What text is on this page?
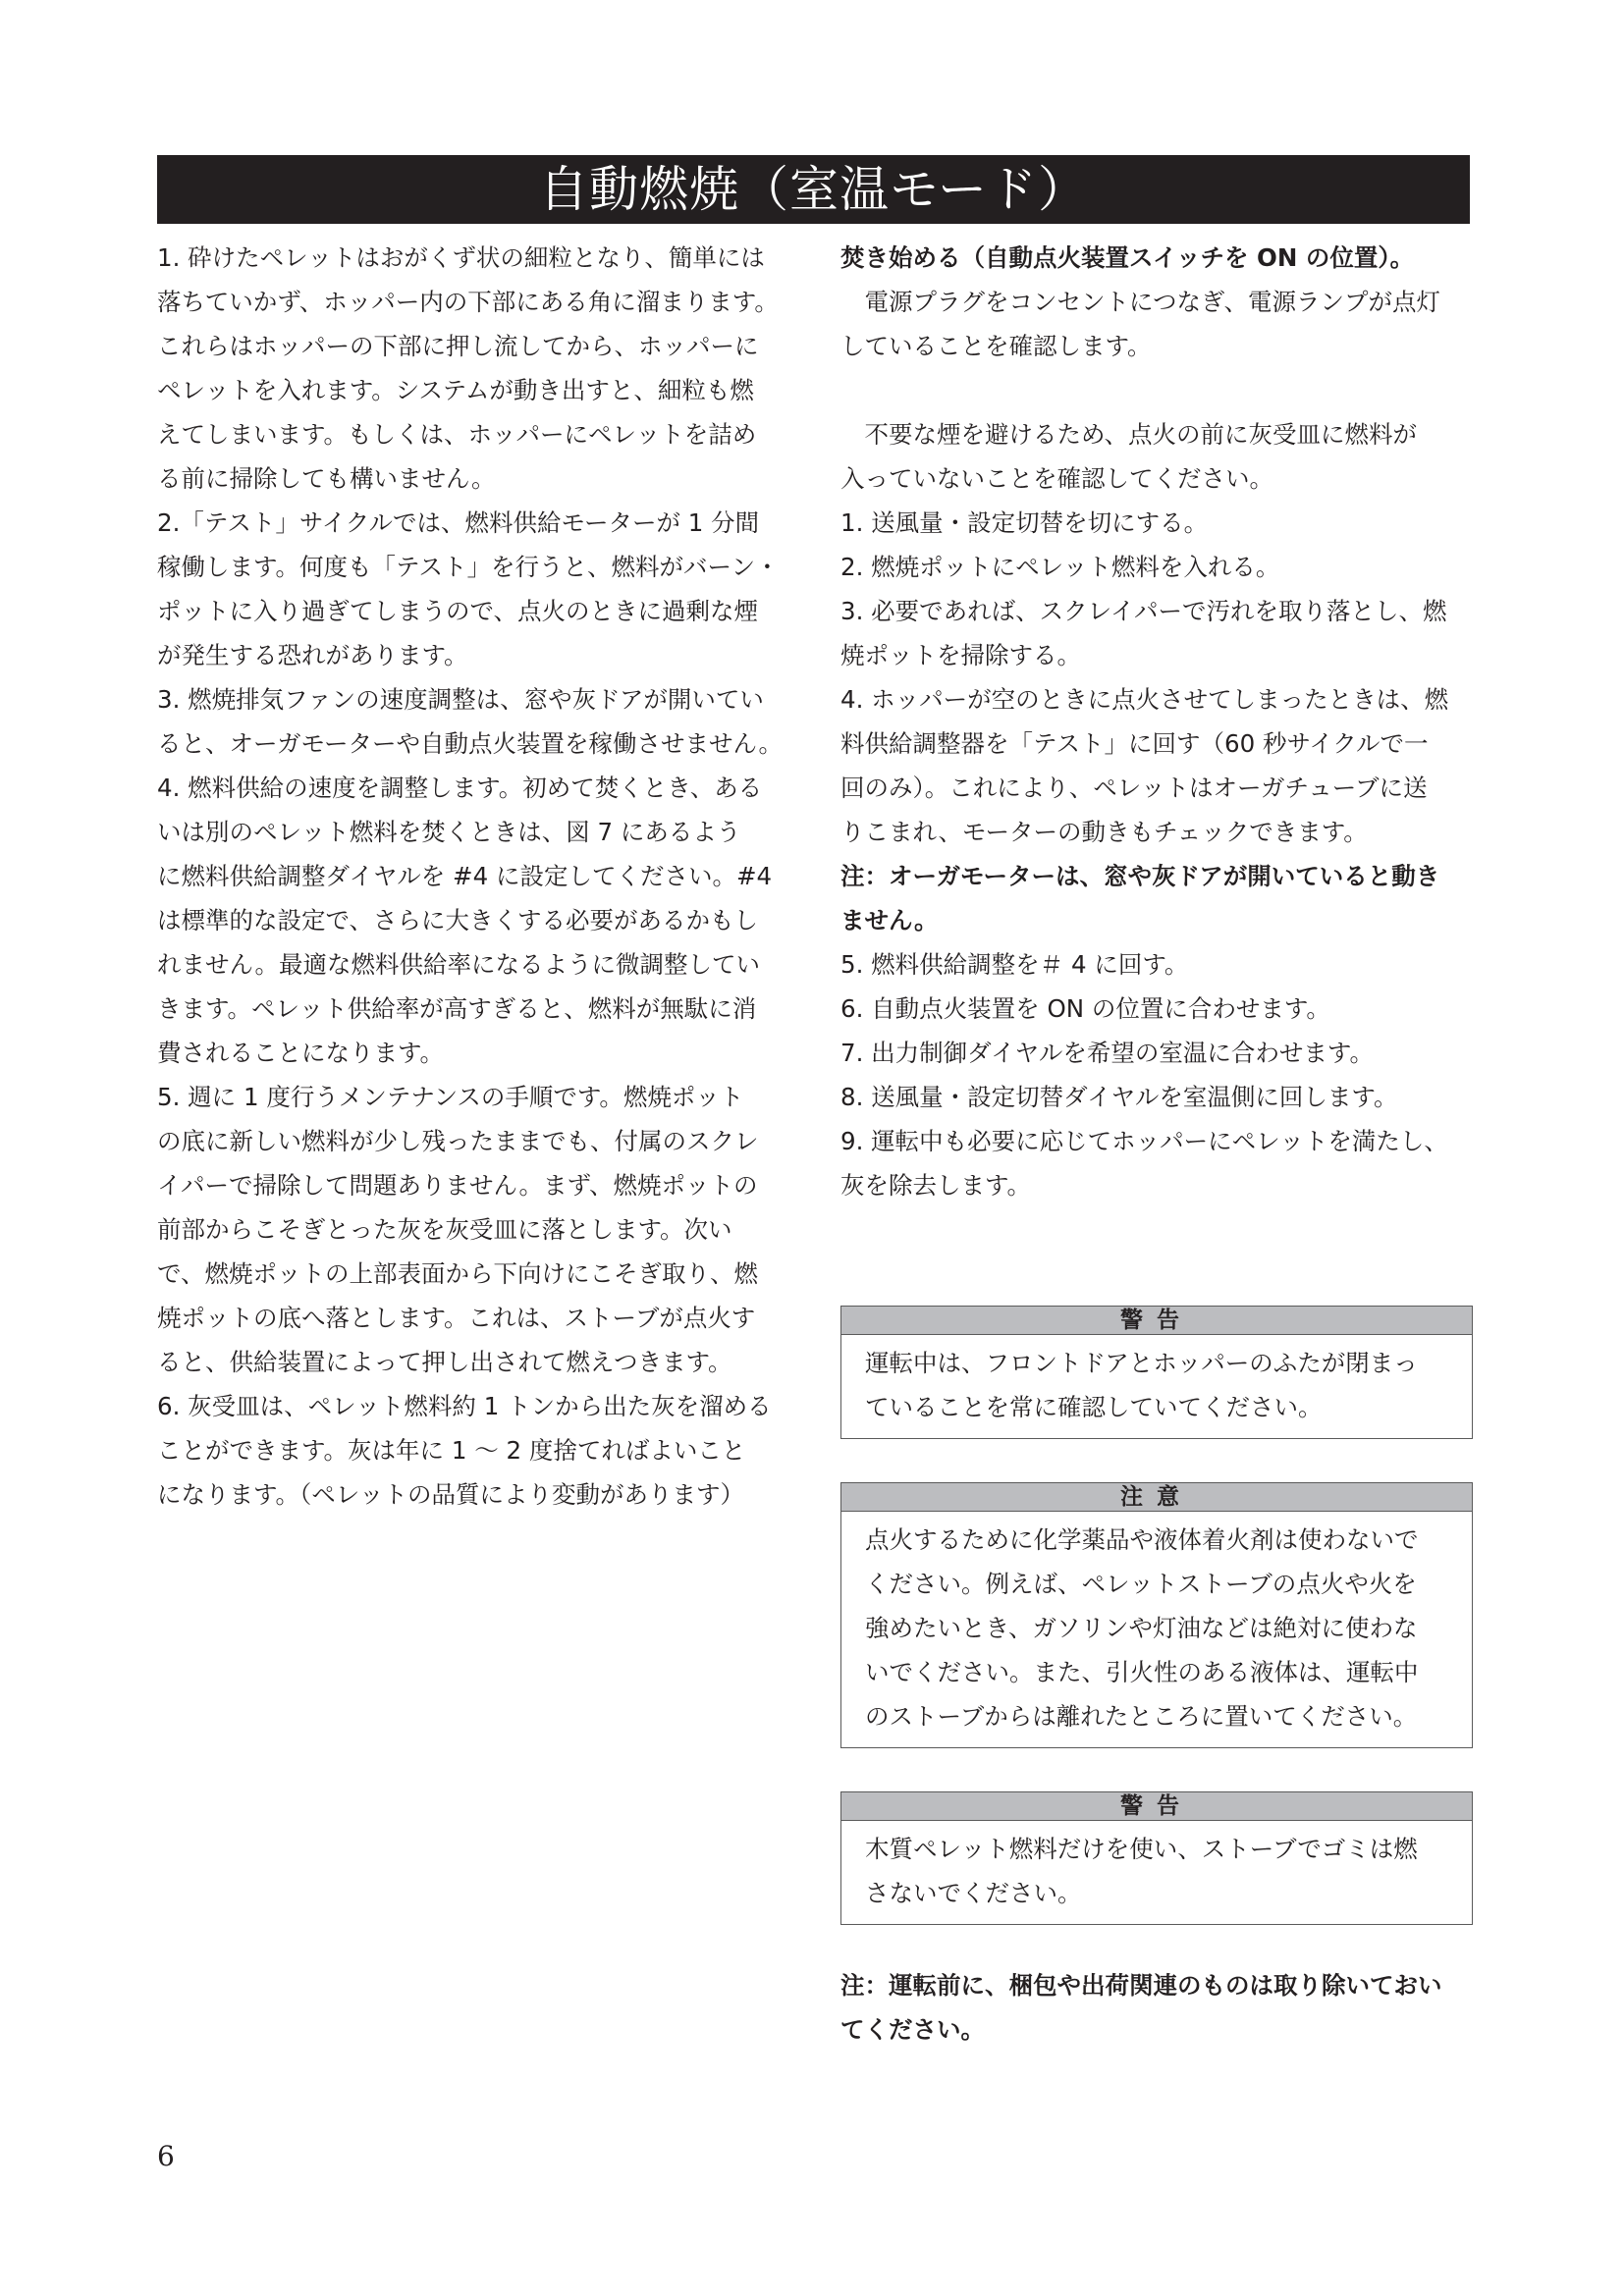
自動燃焼（室温モード）

1. 砕けたペレットはおがくず状の細粒となり、簡単には

落ちていかず、ホッパー内の下部にある角に溜まります。

これらはホッパーの下部に押し流してから、ホッパーに

ペレットを入れます。システムが動き出すと、細粒も燃

えてしまいます。もしくは、ホッパーにペレットを詰め

る前に掃除しても構いません。

2.「テスト」サイクルでは、燃料供給モーターが 1 分間

稼働します。何度も「テスト」を行うと、燃料がバーン・

ポットに入り過ぎてしまうので、点火のときに過剰な煙

が発生する恐れがあります。

3. 燃焼排気ファンの速度調整は、窓や灰ドアが開いてい

ると、オーガモーターや自動点火装置を稼働させません。

4. 燃料供給の速度を調整します。初めて焚くとき、ある

いは別のペレット燃料を焚くときは、図 7 にあるよう

に燃料供給調整ダイヤルを #4 に設定してください。#4

は標準的な設定で、さらに大きくする必要があるかもし

れません。最適な燃料供給率になるように微調整してい

きます。ペレット供給率が高すぎると、燃料が無駄に消

費されることになります。

5. 週に 1 度行うメンテナンスの手順です。燃焼ポット

の底に新しい燃料が少し残ったままでも、付属のスクレ

イパーで掃除して問題ありません。まず、燃焼ポットの

前部からこそぎとった灰を灰受皿に落とします。次い

で、燃焼ポットの上部表面から下向けにこそぎ取り、燃

焼ポットの底へ落とします。これは、ストーブが点火す

ると、供給装置によって押し出されて燃えつきます。

6. 灰受皿は、ペレット燃料約 1 トンから出た灰を溜める

ことができます。灰は年に 1 ～ 2 度捨てればよいこと

になります。（ペレットの品質により変動があります）

焚き始める（自動点火装置スイッチを ON の位置）。

電源プラグをコンセントにつなぎ、電源ランプが点灯

していることを確認します。

不要な煙を避けるため、点火の前に灰受皿に燃料が

入っていないことを確認してください。

1. 送風量・設定切替を切にする。

2. 燃焼ポットにペレット燃料を入れる。

3. 必要であれば、スクレイパーで汚れを取り落とし、燃

焼ポットを掃除する。

4. ホッパーが空のときに点火させてしまったときは、燃

料供給調整器を「テスト」に回す（60 秒サイクルで一

回のみ）。これにより、ペレットはオーガチューブに送

りこまれ、モーターの動きもチェックできます。

注：オーガモーターは、窓や灰ドアが開いていると動き

ません。

5. 燃料供給調整を＃ 4 に回す。

6. 自動点火装置を ON の位置に合わせます。

7. 出力制御ダイヤルを希望の室温に合わせます。

8. 送風量・設定切替ダイヤルを室温側に回します。

9. 運転中も必要に応じてホッパーにペレットを満たし、

灰を除去します。

警告

運転中は、フロントドアとホッパーのふたが閉まっ

ていることを常に確認していてください。

注意

点火するために化学薬品や液体着火剤は使わないで

ください。例えば、ペレットストーブの点火や火を

強めたいとき、ガソリンや灯油などは絶対に使わな

いでください。また、引火性のある液体は、運転中

のストーブからは離れたところに置いてください。

警告

木質ペレット燃料だけを使い、ストーブでゴミは燃

さないでください。

注：運転前に、梱包や出荷関連のものは取り除いておい

てください。

6
